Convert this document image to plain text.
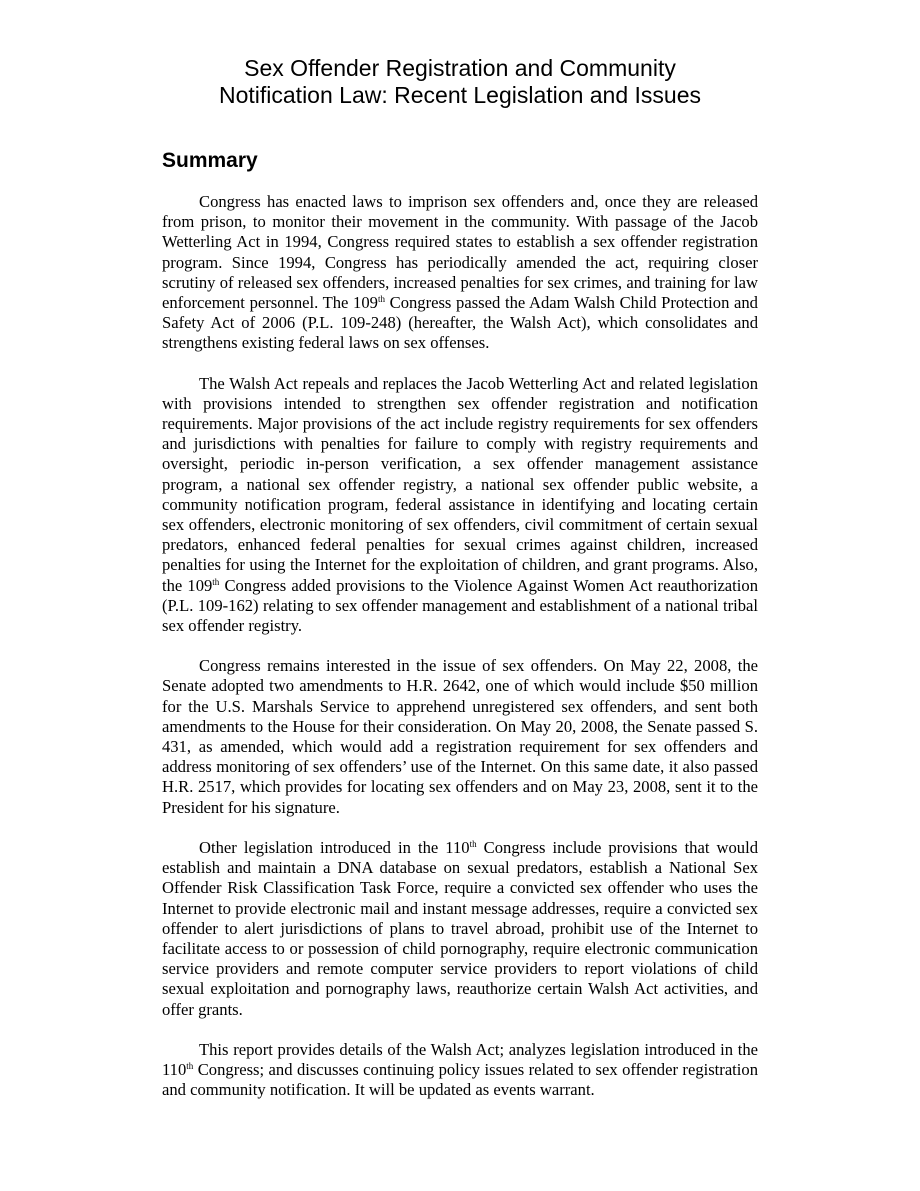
Sex Offender Registration and Community
Notification Law: Recent Legislation and Issues
Summary

Congress has enacted laws to imprison sex offenders and, once they are released from prison, to monitor their movement in the community. With passage of the Jacob Wetterling Act in 1994, Congress required states to establish a sex offender registration program. Since 1994, Congress has periodically amended the act, requiring closer scrutiny of released sex offenders, increased penalties for sex crimes, and training for law enforcement personnel. The 109th Congress passed the Adam Walsh Child Protection and Safety Act of 2006 (P.L. 109-248) (hereafter, the Walsh Act), which consolidates and strengthens existing federal laws on sex offenses.

The Walsh Act repeals and replaces the Jacob Wetterling Act and related legislation with provisions intended to strengthen sex offender registration and notification requirements. Major provisions of the act include registry requirements for sex offenders and jurisdictions with penalties for failure to comply with registry requirements and oversight, periodic in-person verification, a sex offender management assistance program, a national sex offender registry, a national sex offender public website, a community notification program, federal assistance in identifying and locating certain sex offenders, electronic monitoring of sex offenders, civil commitment of certain sexual predators, enhanced federal penalties for sexual crimes against children, increased penalties for using the Internet for the exploitation of children, and grant programs. Also, the 109th Congress added provisions to the Violence Against Women Act reauthorization (P.L. 109-162) relating to sex offender management and establishment of a national tribal sex offender registry.

Congress remains interested in the issue of sex offenders. On May 22, 2008, the Senate adopted two amendments to H.R. 2642, one of which would include $50 million for the U.S. Marshals Service to apprehend unregistered sex offenders, and sent both amendments to the House for their consideration. On May 20, 2008, the Senate passed S. 431, as amended, which would add a registration requirement for sex offenders and address monitoring of sex offenders’ use of the Internet. On this same date, it also passed H.R. 2517, which provides for locating sex offenders and on May 23, 2008, sent it to the President for his signature.

Other legislation introduced in the 110th Congress include provisions that would establish and maintain a DNA database on sexual predators, establish a National Sex Offender Risk Classification Task Force, require a convicted sex offender who uses the Internet to provide electronic mail and instant message addresses, require a convicted sex offender to alert jurisdictions of plans to travel abroad, prohibit use of the Internet to facilitate access to or possession of child pornography, require electronic communication service providers and remote computer service providers to report violations of child sexual exploitation and pornography laws, reauthorize certain Walsh Act activities, and offer grants.

This report provides details of the Walsh Act; analyzes legislation introduced in the 110th Congress; and discusses continuing policy issues related to sex offender registration and community notification. It will be updated as events warrant.
